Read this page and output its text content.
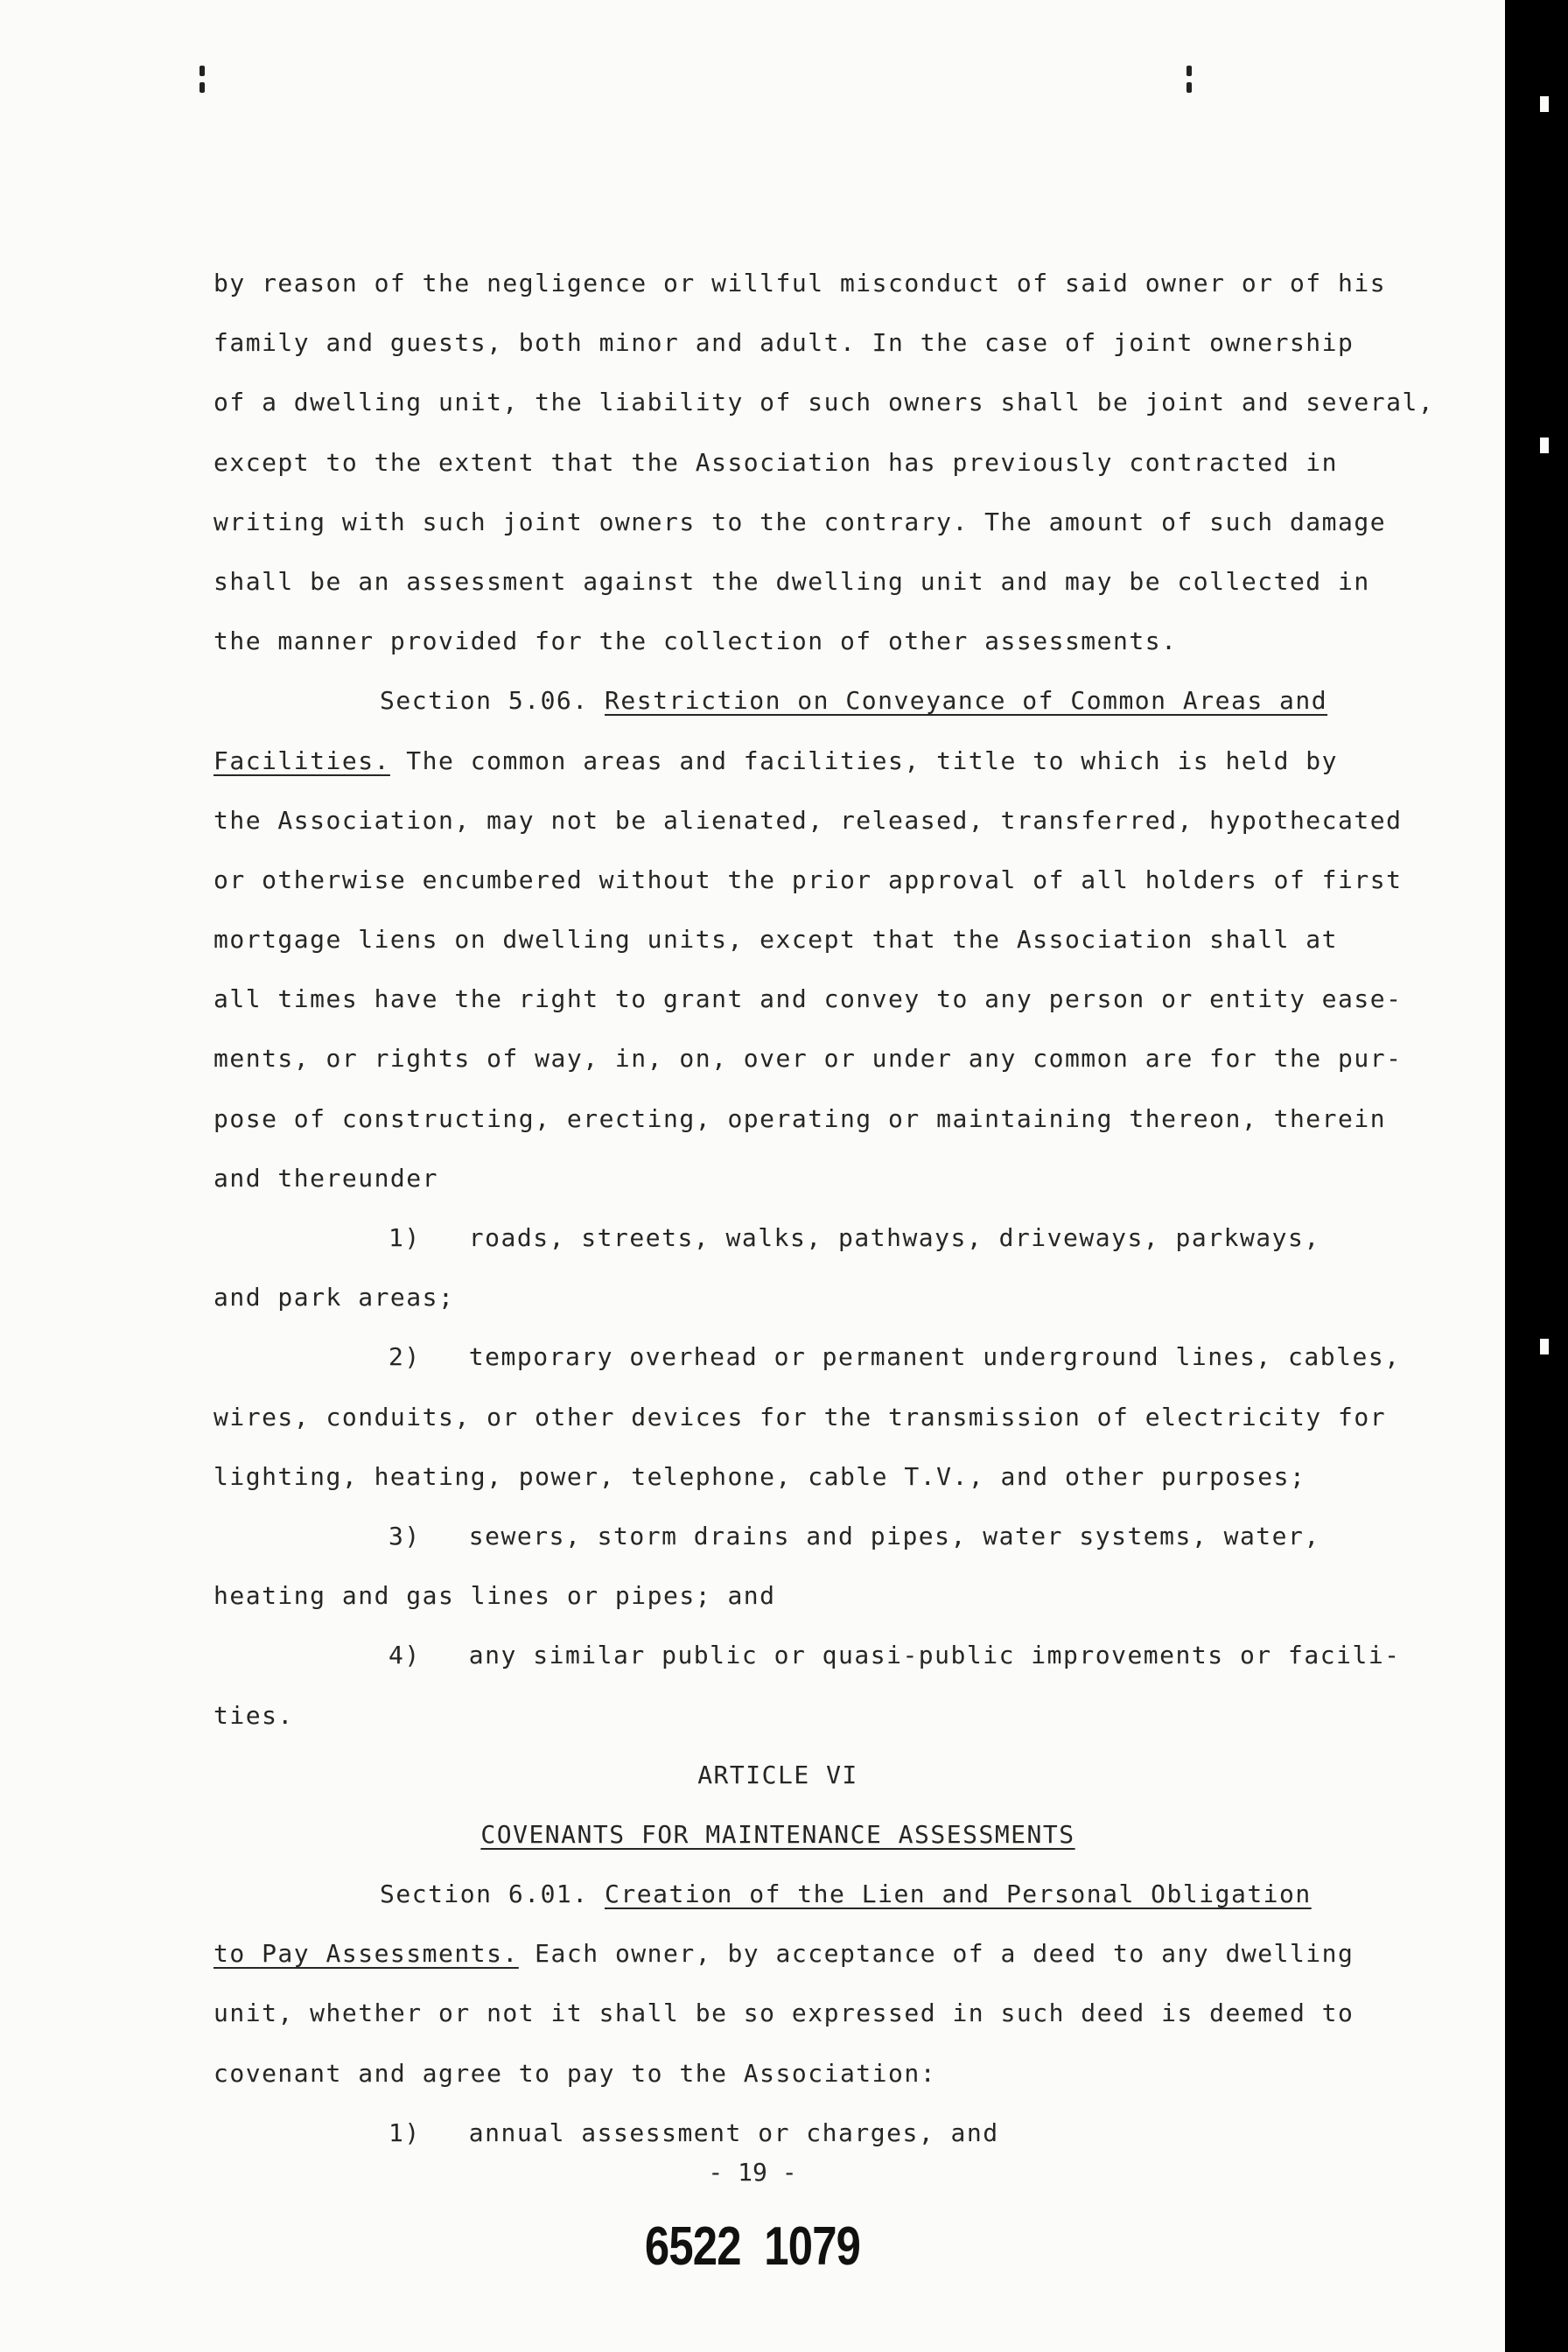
by reason of the negligence or willful misconduct of said owner or of his
family and guests, both minor and adult. In the case of joint ownership
of a dwelling unit, the liability of such owners shall be joint and several,
except to the extent that the Association has previously contracted in
writing with such joint owners to the contrary. The amount of such damage
shall be an assessment against the dwelling unit and may be collected in
the manner provided for the collection of other assessments.
Section 5.06. Restriction on Conveyance of Common Areas and
Facilities. The common areas and facilities, title to which is held by
the Association, may not be alienated, released, transferred, hypothecated
or otherwise encumbered without the prior approval of all holders of first
mortgage liens on dwelling units, except that the Association shall at
all times have the right to grant and convey to any person or entity ease-
ments, or rights of way, in, on, over or under any common are for the pur-
pose of constructing, erecting, operating or maintaining thereon, therein
and thereunder
1) roads, streets, walks, pathways, driveways, parkways,
and park areas;
2) temporary overhead or permanent underground lines, cables,
wires, conduits, or other devices for the transmission of electricity for
lighting, heating, power, telephone, cable T.V., and other purposes;
3) sewers, storm drains and pipes, water systems, water,
heating and gas lines or pipes; and
4) any similar public or quasi-public improvements or facili-
ties.
ARTICLE VI
COVENANTS FOR MAINTENANCE ASSESSMENTS
Section 6.01. Creation of the Lien and Personal Obligation
to Pay Assessments. Each owner, by acceptance of a deed to any dwelling
unit, whether or not it shall be so expressed in such deed is deemed to
covenant and agree to pay to the Association:
1) annual assessment or charges, and
- 19 -
6522  1079
